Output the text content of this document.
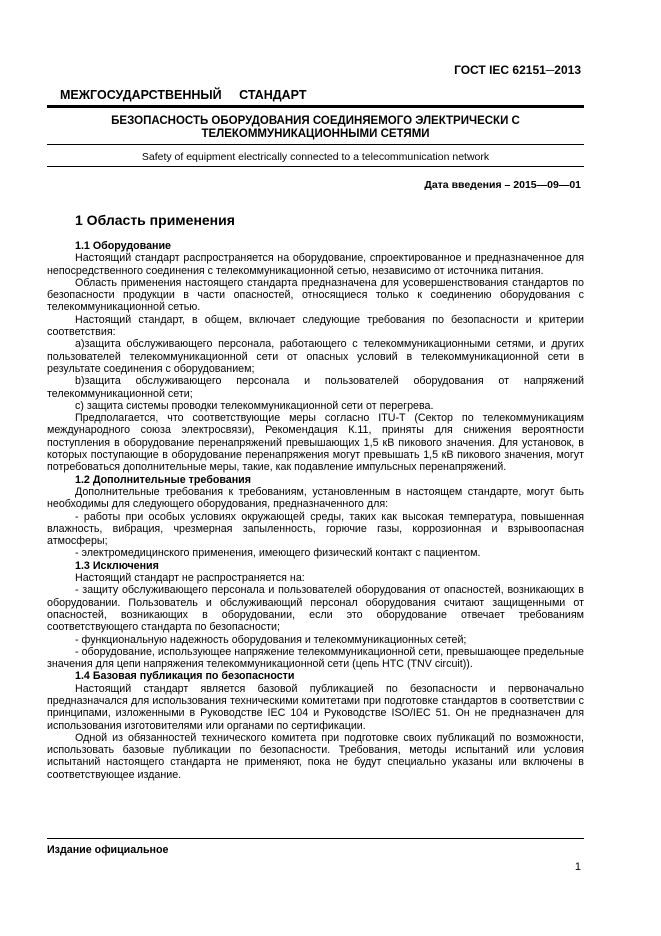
ГОСТ IEC 62151─2013
МЕЖГОСУДАРСТВЕННЫЙ СТАНДАРТ
БЕЗОПАСНОСТЬ ОБОРУДОВАНИЯ СОЕДИНЯЕМОГО ЭЛЕКТРИЧЕСКИ С ТЕЛЕКОММУНИКАЦИОННЫМИ СЕТЯМИ
Safety of equipment electrically connected to a telecommunication network
Дата введения – 2015—09—01
1 Область применения

1.1 Оборудование

Настоящий стандарт распространяется на оборудование, спроектированное и предназначенное для непосредственного соединения с телекоммуникационной сетью, независимо от источника питания.

Область применения настоящего стандарта предназначена для усовершенствования стандартов по безопасности продукции в части опасностей, относящиеся только к соединению оборудования с телекоммуникационной сетью.

Настоящий стандарт, в общем, включает следующие требования по безопасности и критерии соответствия:

а)защита обслуживающего персонала, работающего с телекоммуникационными сетями, и других пользователей телекоммуникационной сети от опасных условий в телекоммуникационной сети в результате соединения с оборудованием;

b)защита обслуживающего персонала и пользователей оборудования от напряжений телекоммуникационной сети;

с) защита системы проводки телекоммуникационной сети от перегрева.

Предполагается, что соответствующие меры согласно ITU-T (Сектор по телекоммуникациям международного союза электросвязи), Рекомендация К.11, приняты для снижения вероятности поступления в оборудование перенапряжений превышающих 1,5 кВ пикового значения. Для установок, в которых поступающие в оборудование перенапряжения могут превышать 1,5 кВ пикового значения, могут потребоваться дополнительные меры, такие, как подавление импульсных перенапряжений.

1.2 Дополнительные требования

Дополнительные требования к требованиям, установленным в настоящем стандарте, могут быть необходимы для следующего оборудования, предназначенного для:

- работы при особых условиях окружающей среды, таких как высокая температура, повышенная влажность, вибрация, чрезмерная запыленность, горючие газы, коррозионная и взрывоопасная атмосферы;

- электромедицинского применения, имеющего физический контакт с пациентом.

1.3 Исключения

Настоящий стандарт не распространяется на:

- защиту обслуживающего персонала и пользователей оборудования от опасностей, возникающих в оборудовании. Пользователь и обслуживающий персонал оборудования считают защищенными от опасностей, возникающих в оборудовании, если это оборудование отвечает требованиям соответствующего стандарта по безопасности;

- функциональную надежность оборудования и телекоммуникационных сетей;

- оборудование, использующее напряжение телекоммуникационной сети, превышающее предельные значения для цепи напряжения телекоммуникационной сети (цепь НТС (TNV circuit)).

1.4 Базовая публикация по безопасности

Настоящий стандарт является базовой публикацией по безопасности и первоначально предназначался для использования техническими комитетами при подготовке стандартов в соответствии с принципами, изложенными в Руководстве IEC 104 и Руководстве ISO/IEC 51. Он не предназначен для использования изготовителями или органами по сертификации.

Одной из обязанностей технического комитета при подготовке своих публикаций по возможности, использовать базовые публикации по безопасности. Требования, методы испытаний или условия испытаний настоящего стандарта не применяют, пока не будут специально указаны или включены в соответствующее издание.

Издание официальное
1
